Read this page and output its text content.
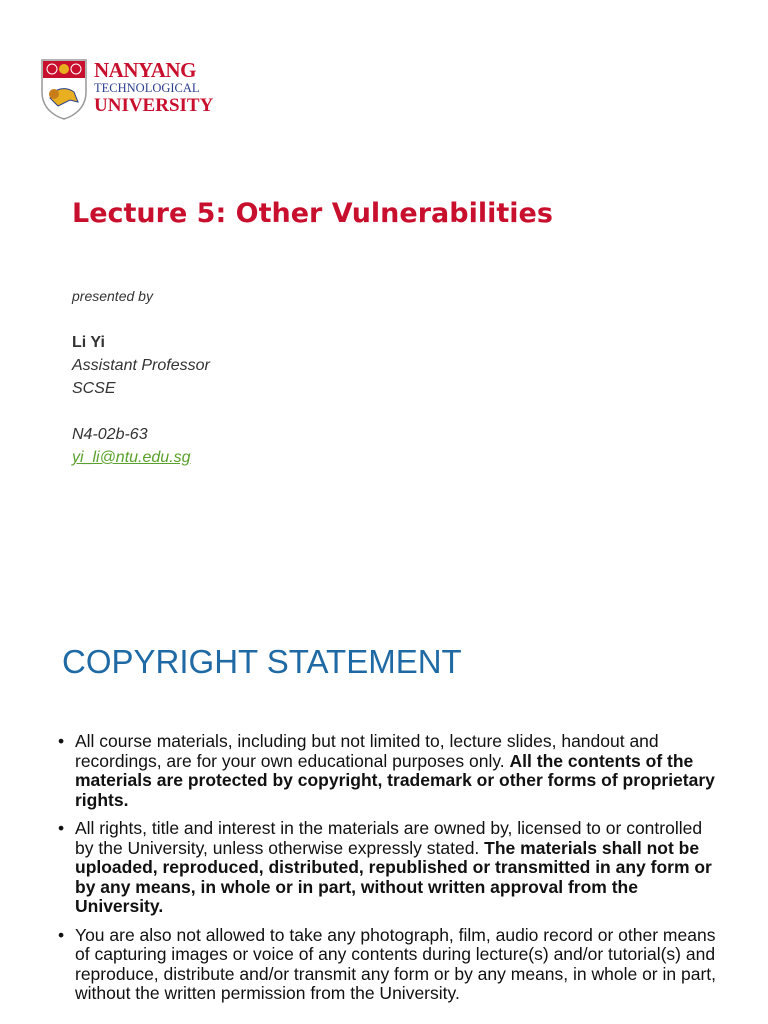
NANYANG
TECHNOLOGICAL
UNIVERSITY
Lecture 5: Other Vulnerabilities
presented by
Li Yi
Assistant Professor
SCSE
N4-02b-63
yi_li@ntu.edu.sg
COPYRIGHT STATEMENT
• All course materials, including but not limited to, lecture slides, handout and recordings, are for your own educational purposes only. All the contents of the materials are protected by copyright, trademark or other forms of proprietary rights.
• All rights, title and interest in the materials are owned by, licensed to or controlled by the University, unless otherwise expressly stated. The materials shall not be uploaded, reproduced, distributed, republished or transmitted in any form or by any means, in whole or in part, without written approval from the University.
• You are also not allowed to take any photograph, film, audio record or other means of capturing images or voice of any contents during lecture(s) and/or tutorial(s) and reproduce, distribute and/or transmit any form or by any means, in whole or in part, without the written permission from the University.
